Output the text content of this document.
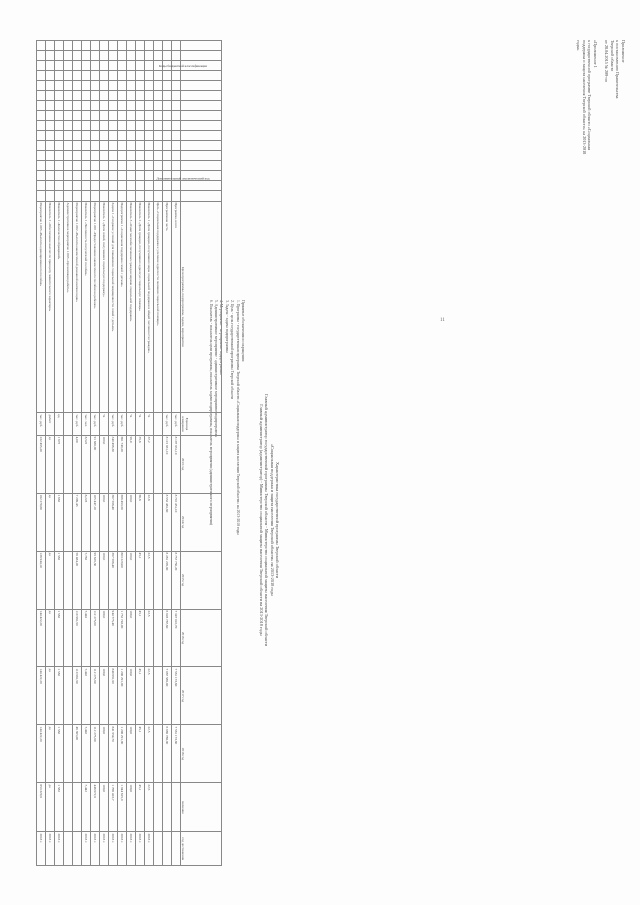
Приложение
к постановлению Правительства
Тверской области
от 28.04.2015 № 209-пп

«Приложение 1
к государственной программе Тверской области «Социальная
поддержка и защита населения Тверской области» на 2013-2018
годы»
Характеристика государственной программы Тверской области
«Социальная поддержка и защита населения Тверской области» на 2013-2018 годы
Главный администратор государственной программы Тверской области - Министерство социальной защиты населения Тверской области
Главный администратор (администратор) - Министерство социальной защиты населения Тверской области на 2013-2018 годы
Принятые обозначения и сокращения:
1. Программа - государственная программа Тверской области «Социальная поддержка и защита населения Тверской области» на 2013-2018 годы
2. Цель - цель государственной программы Тверской области
3. Задача - задача подпрограммы
4. Мероприятие - мероприятие подпрограммы
5. Административное мероприятие - административное мероприятие подпрограммы
6. Показатель - показатель цели программы, показатель задачи подпрограммы, показатель мероприятия (административного мероприятия)
Коды бюджетной классификации											Дополнительный аналитический код					Цели программы, подпрограммы, задачи, мероприятия	Единица измерения	2013 год	2014 год	2015 год	2016 год	2017 год	2018 год	значение	год достижения
																Программа, всего	тыс. руб.	8 197 931,10	8 710 451,10	8 757 756,20	7 347 022,70	7 561 173,60	7 561 173,60		
																Программная часть	тыс. руб.	8 115 931,10	8 552 481,60	8 281 205,90	6 928 787,60	7 087 589,00	6 989 788,90		
																Цель «Социальная поддержка и усиление адресности оказания социальной помощи»									
																Показатель 1 «Доля граждан, получивших меры социальной поддержки в общей численности граждан»	%	37,2	22,8	22,5	22,5	22,5	22,5	22,5	2018 г.
																Показатель 2 «Доля граждан, получивших адресную социальную помощь»	%	35,6	66,8	45,1	45,1	45,1	45,1	45,1	2018 г.
																Показатель 3 «Охват малообеспеченных граждан мерами социальной поддержки»	%	99,0	100,0	100,0	100,0	100,0	100,0	100,0	2018 г.
																Подпрограмма 1 «Социальная поддержка семей с детьми»	тыс. руб.	661 749,20	696 493,50	803 229,00	1 752 743,00	1 208 291,90	1 208 291,90	1 944 625,9	2018 г.
																Задача 1 «Создание условий для повышения социальной защищенности семей с детьми»	тыс. руб.	340 496,30	367 598,40	367 598,40	944 775,40	840 691,90	841 954,70	1 706 423,7	2018 г.
																Показатель 1 «Доля семей, получивших социальную поддержку»	%	100,0	100,0	100,0	100,0	100,0	100,0	100,0	2018 г.
																Мероприятие 1.001 «Предоставление ежемесячного пособия на ребенка»	тыс. руб.	91 830,00	105 447,10	99 629,30	112 275,60	112 275,60	112 275,60	448 672,9	2018 г.
																Показатель 1 «Численность получателей пособия»	тыс. чел.	8,522	8,223	7,782	7,442	7,442	7,442	7,442	2018 г.
																Мероприятие 1.002 «Выплата ежемесячной денежной компенсации»	тыс. руб.	4,00	7 209,43	56 484,20	110 981,90	110 981,90	46 365,00		
																Административное мероприятие 1.003 «Организация работы»									
																Показатель 1 «Количество обращений»	ед.	1 672	1 662	1 582	1 582	1 582	1 582	1 582	2018 г.
																Показатель 2 «Обеспечение выплат по принципу заявительного характера»	да/нет	да	да	да	да	да	да	да	2018 г.
																Мероприятие 1.005 «Выплата единовременного пособия»	тыс. руб.	232 495,20	182 270,60	138 944,10	144 422,20	144 422,20	144 422,20	853 329,9	2018 г.
11
